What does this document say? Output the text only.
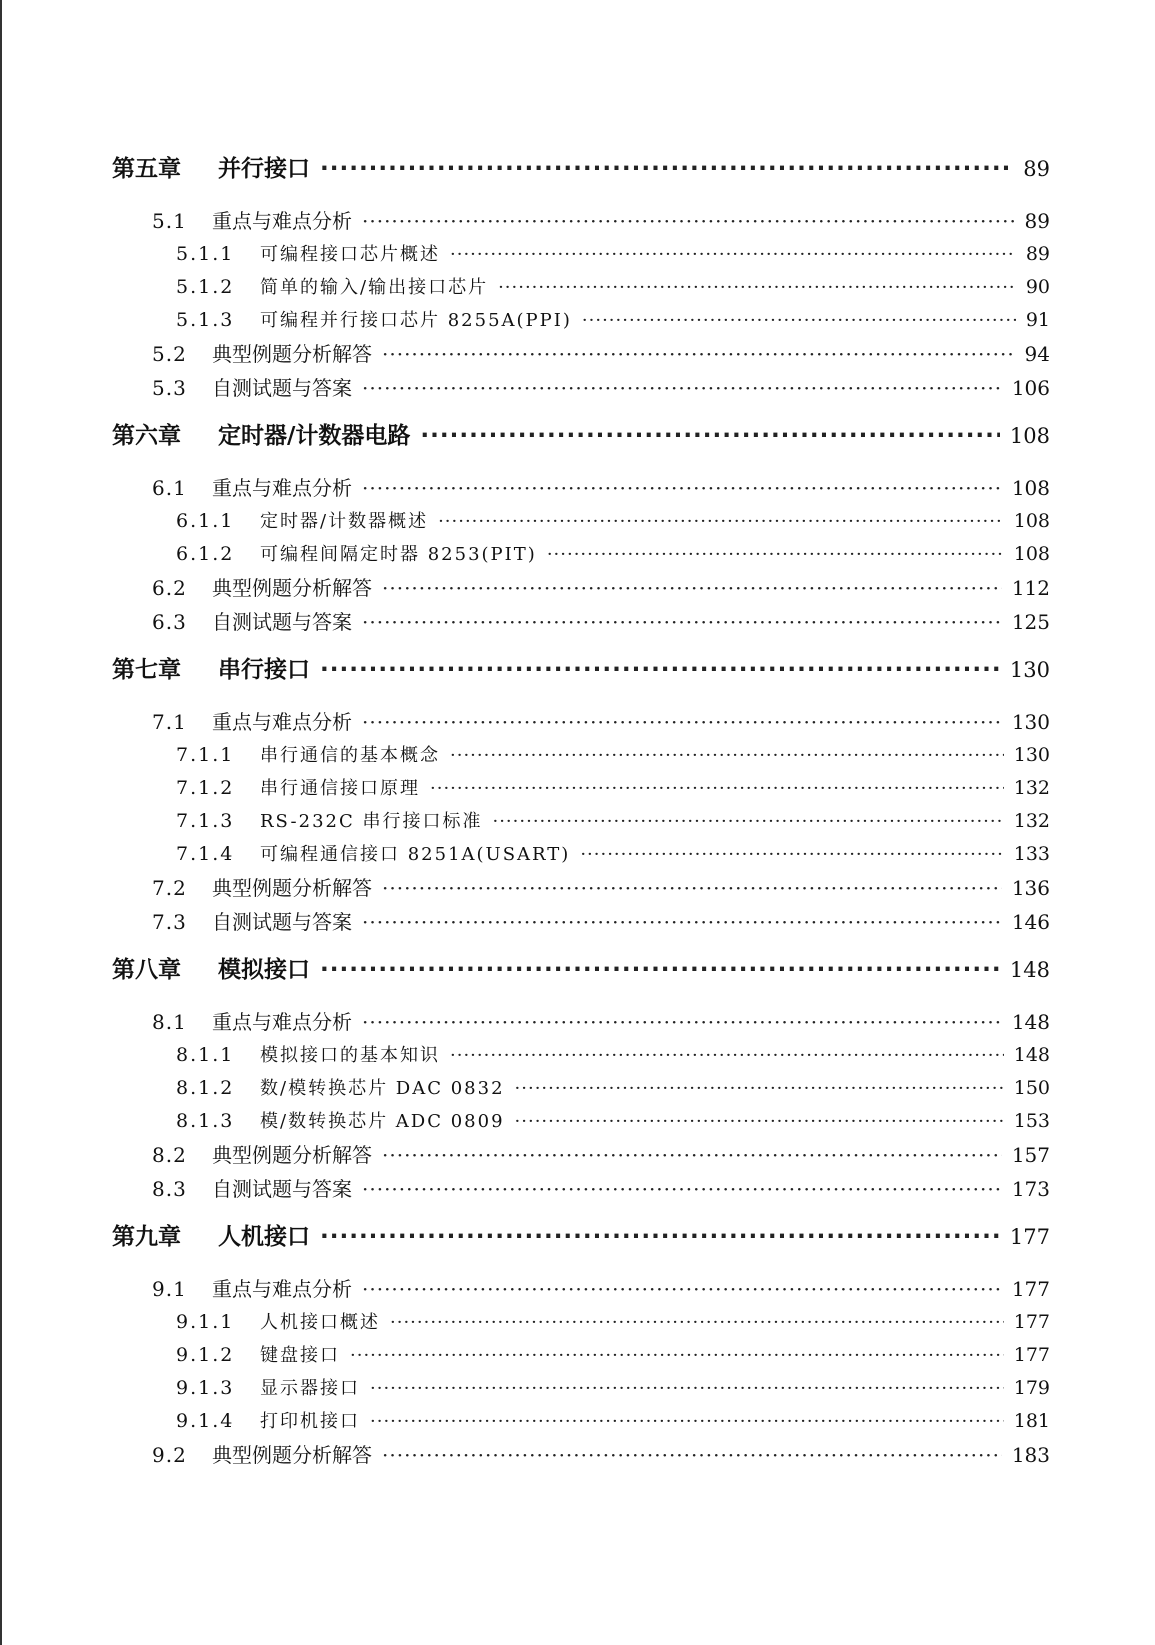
第五章	并行接口 ·····	89
5.1	重点与难点分析 ·····	89
5.1.1	可编程接口芯片概述 ·····	89
5.1.2	简单的输入/输出接口芯片 ·····	90
5.1.3	可编程并行接口芯片 8255A(PPI) ·····	91
5.2	典型例题分析解答 ·····	94
5.3	自测试题与答案 ·····	106
第六章	定时器/计数器电路 ·····	108
6.1	重点与难点分析 ·····	108
6.1.1	定时器/计数器概述 ·····	108
6.1.2	可编程间隔定时器 8253(PIT) ·····	108
6.2	典型例题分析解答 ·····	112
6.3	自测试题与答案 ·····	125
第七章	串行接口 ·····	130
7.1	重点与难点分析 ·····	130
7.1.1	串行通信的基本概念 ·····	130
7.1.2	串行通信接口原理 ·····	132
7.1.3	RS-232C 串行接口标准 ·····	132
7.1.4	可编程通信接口 8251A(USART) ·····	133
7.2	典型例题分析解答 ·····	136
7.3	自测试题与答案 ·····	146
第八章	模拟接口 ·····	148
8.1	重点与难点分析 ·····	148
8.1.1	模拟接口的基本知识 ·····	148
8.1.2	数/模转换芯片 DAC 0832 ·····	150
8.1.3	模/数转换芯片 ADC 0809 ·····	153
8.2	典型例题分析解答 ·····	157
8.3	自测试题与答案 ·····	173
第九章	人机接口 ·····	177
9.1	重点与难点分析 ·····	177
9.1.1	人机接口概述 ·····	177
9.1.2	键盘接口 ·····	177
9.1.3	显示器接口 ·····	179
9.1.4	打印机接口 ·····	181
9.2	典型例题分析解答 ·····	183
